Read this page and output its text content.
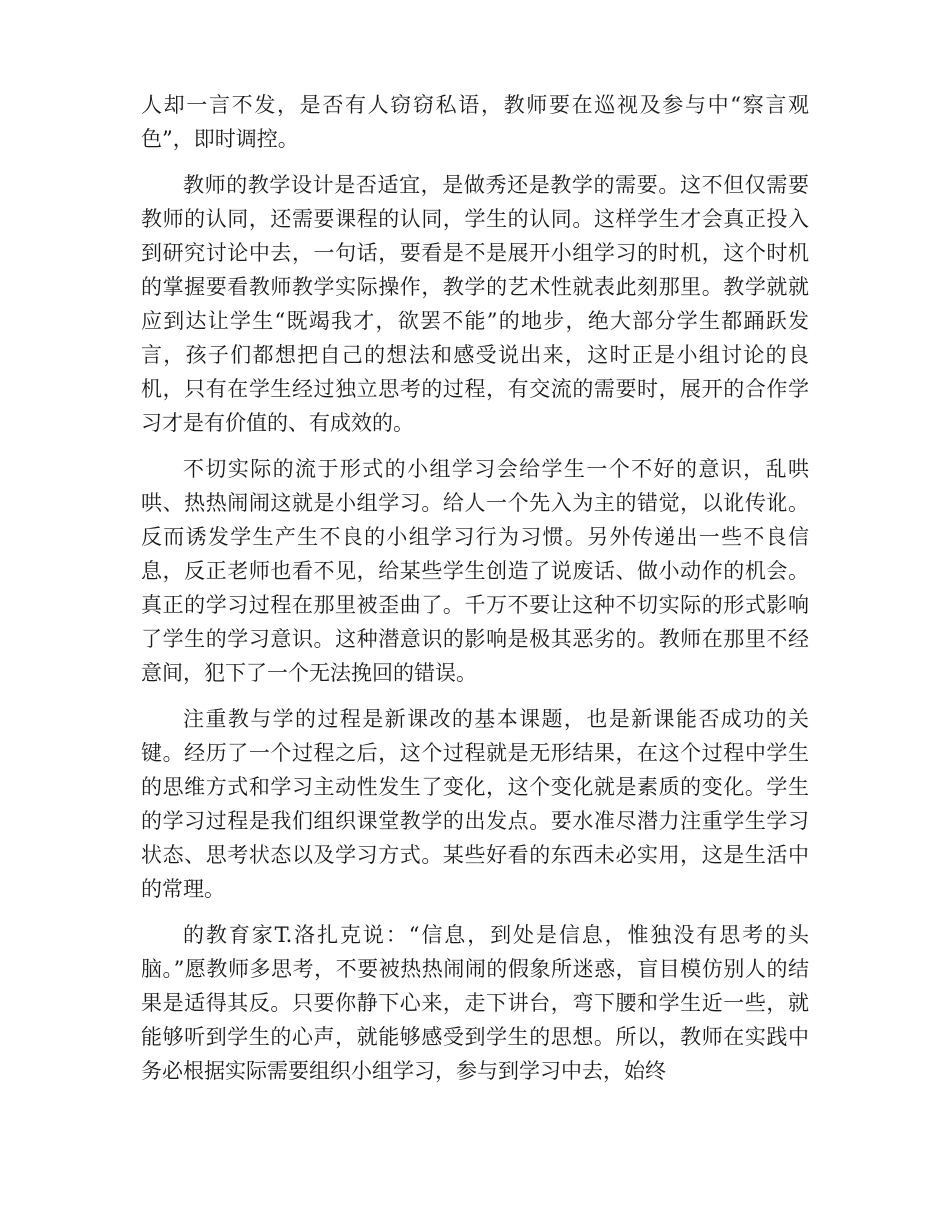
人却一言不发，是否有人窃窃私语，教师要在巡视及参与中“察言观色”，即时调控。

教师的教学设计是否适宜，是做秀还是教学的需要。这不但仅需要教师的认同，还需要课程的认同，学生的认同。这样学生才会真正投入到研究讨论中去，一句话，要看是不是展开小组学习的时机，这个时机的掌握要看教师教学实际操作，教学的艺术性就表此刻那里。教学就就应到达让学生“既竭我才，欲罢不能”的地步，绝大部分学生都踊跃发言，孩子们都想把自己的想法和感受说出来，这时正是小组讨论的良机，只有在学生经过独立思考的过程，有交流的需要时，展开的合作学习才是有价值的、有成效的。

不切实际的流于形式的小组学习会给学生一个不好的意识，乱哄哄、热热闹闹这就是小组学习。给人一个先入为主的错觉，以讹传讹。反而诱发学生产生不良的小组学习行为习惯。另外传递出一些不良信息，反正老师也看不见，给某些学生创造了说废话、做小动作的机会。真正的学习过程在那里被歪曲了。千万不要让这种不切实际的形式影响了学生的学习意识。这种潜意识的影响是极其恶劣的。教师在那里不经意间，犯下了一个无法挽回的错误。

注重教与学的过程是新课改的基本课题，也是新课能否成功的关键。经历了一个过程之后，这个过程就是无形结果，在这个过程中学生的思维方式和学习主动性发生了变化，这个变化就是素质的变化。学生的学习过程是我们组织课堂教学的出发点。要水准尽潜力注重学生学习状态、思考状态以及学习方式。某些好看的东西未必实用，这是生活中的常理。

的教育家T.洛扎克说：“信息，到处是信息，惟独没有思考的头脑。”愿教师多思考，不要被热热闹闹的假象所迷惑，盲目模仿别人的结果是适得其反。只要你静下心来，走下讲台，弯下腰和学生近一些，就能够听到学生的心声，就能够感受到学生的思想。所以，教师在实践中务必根据实际需要组织小组学习，参与到学习中去，始终
